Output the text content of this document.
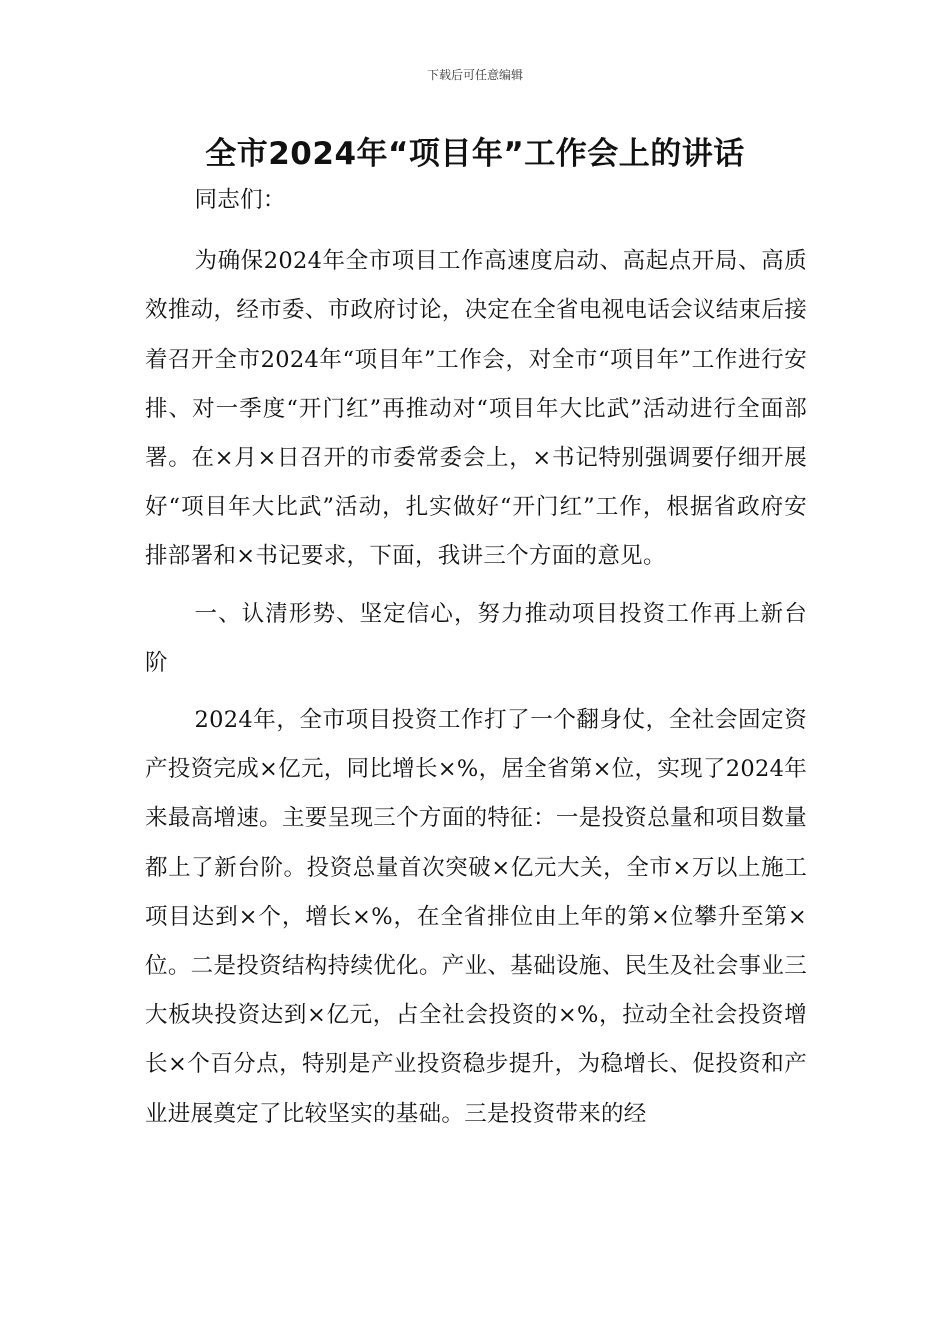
下载后可任意编辑
全市2024年“项目年”工作会上的讲话

同志们：

为确保2024年全市项目工作高速度启动、高起点开局、高质效推动，经市委、市政府讨论，决定在全省电视电话会议结束后接着召开全市2024年“项目年”工作会，对全市“项目年”工作进行安排、对一季度“开门红”再推动对“项目年大比武”活动进行全面部署。在×月×日召开的市委常委会上，×书记特别强调要仔细开展好“项目年大比武”活动，扎实做好“开门红”工作，根据省政府安排部署和×书记要求，下面，我讲三个方面的意见。

一、认清形势、坚定信心，努力推动项目投资工作再上新台阶

2024年，全市项目投资工作打了一个翻身仗，全社会固定资产投资完成×亿元，同比增长×%，居全省第×位，实现了2024年来最高增速。主要呈现三个方面的特征：一是投资总量和项目数量都上了新台阶。投资总量首次突破×亿元大关，全市×万以上施工项目达到×个，增长×%，在全省排位由上年的第×位攀升至第×位。二是投资结构持续优化。产业、基础设施、民生及社会事业三大板块投资达到×亿元，占全社会投资的×%，拉动全社会投资增长×个百分点，特别是产业投资稳步提升，为稳增长、促投资和产业进展奠定了比较坚实的基础。三是投资带来的经
